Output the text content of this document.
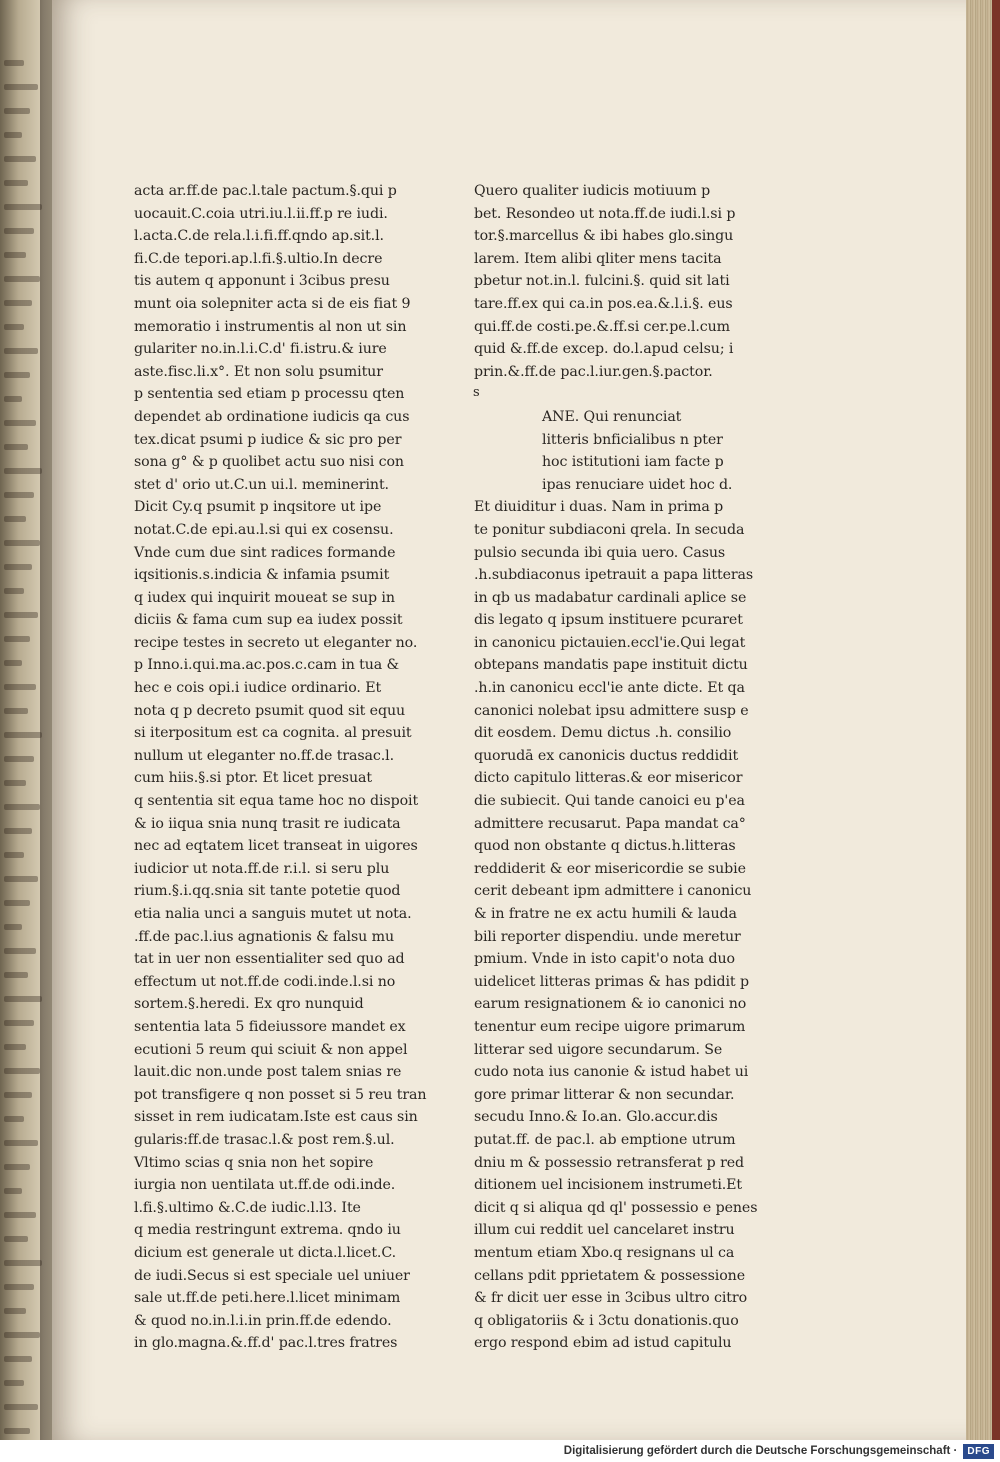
acta ar.ff.de pac.l.tale pactum.§.qui p
uocauit.C.coia utri.iu.l.ii.ff.p re iudi.
l.acta.C.de rela.l.i.fi.ff.qndo ap.sit.l.
fi.C.de tepori.ap.l.fi.§.ultio.In decre
tis autem q apponunt i 3cibus presu
munt oia solepniter acta si de eis fiat 9
memoratio i instrumentis al non ut sin
gulariter no.in.l.i.C.d' fi.istru.& iure
aste.fisc.li.x°. Et non solu psumitur
p sententia sed etiam p processu qten
dependet ab ordinatione iudicis qa cus
tex.dicat psumi p iudice & sic pro per
sona g° & p quolibet actu suo nisi con
stet d' orio ut.C.un ui.l. meminerint.
Dicit Cy.q psumit p inqsitore ut ipe
notat.C.de epi.au.l.si qui ex cosensu.
Vnde cum due sint radices formande
iqsitionis.s.indicia & infamia psumit
q iudex qui inquirit moueat se sup in
diciis & fama cum sup ea iudex possit
recipe testes in secreto ut eleganter no.
p Inno.i.qui.ma.ac.pos.c.cam in tua &
hec e cois opi.i iudice ordinario. Et
nota q p decreto psumit quod sit equu
si iterpositum est ca cognita. al presuit
nullum ut eleganter no.ff.de trasac.l.
cum hiis.§.si ptor. Et licet presuat
q sententia sit equa tame hoc no dispoit
& io iiqua snia nunq trasit re iudicata
nec ad eqtatem licet transeat in uigores
iudicior ut nota.ff.de r.i.l. si seru plu
rium.§.i.qq.snia sit tante potetie quod
etia nalia unci a sanguis mutet ut nota.
.ff.de pac.l.ius agnationis & falsu mu
tat in uer non essentialiter sed quo ad
effectum ut not.ff.de codi.inde.l.si no
sortem.§.heredi. Ex qro nunquid
sententia lata 5 fideiussore mandet ex
ecutioni 5 reum qui sciuit & non appel
lauit.dic non.unde post talem snias re
pot transfigere q non posset si 5 reu tran
sisset in rem iudicatam.Iste est caus sin
gularis:ff.de trasac.l.& post rem.§.ul.
Vltimo scias q snia non het sopire
iurgia non uentilata ut.ff.de odi.inde.
l.fi.§.ultimo &.C.de iudic.l.l3. Ite
q media restringunt extrema. qndo iu
dicium est generale ut dicta.l.licet.C.
de iudi.Secus si est speciale uel uniuer
sale ut.ff.de peti.here.l.licet minimam
& quod no.in.l.i.in prin.ff.de edendo.
in glo.magna.&.ff.d' pac.l.tres fratres
Quero qualiter iudicis motiuum p
bet. Resondeo ut nota.ff.de iudi.l.si p
tor.§.marcellus & ibi habes glo.singu
larem. Item alibi qliter mens tacita
pbetur not.in.l. fulcini.§. quid sit lati
tare.ff.ex qui ca.in pos.ea.&.l.i.§. eus
qui.ff.de costi.pe.&.ff.si cer.pe.l.cum
quid &.ff.de excep. do.l.apud celsu; i
prin.&.ff.de pac.l.iur.gen.§.pactor.
ANE. Qui renunciat
litteris bnficialibus n pter
hoc istitutioni iam facte p
ipas renuciare uidet hoc d.
Et diuiditur i duas. Nam in prima p
te ponitur subdiaconi qrela. In secuda
pulsio secunda ibi quia uero. Casus
.h.subdiaconus ipetrauit a papa litteras
in qb us madabatur cardinali aplice se
dis legato q ipsum instituere pcuraret
in canonicu pictauien.eccl'ie.Qui legat
obtepans mandatis pape instituit dictu
.h.in canonicu eccl'ie ante dicte. Et qa
canonici nolebat ipsu admittere susp e
dit eosdem. Demu dictus .h. consilio
quorudā ex canonicis ductus reddidit
dicto capitulo litteras.& eor misericor
die subiecit. Qui tande canoici eu p'ea
admittere recusarut. Papa mandat ca°
quod non obstante q dictus.h.litteras
reddiderit & eor misericordie se subie
cerit debeant ipm admittere i canonicu
& in fratre ne ex actu humili & lauda
bili reporter dispendiu. unde meretur
pmium. Vnde in isto capit'o nota duo
uidelicet litteras primas & has pdidit p
earum resignationem & io canonici no
tenentur eum recipe uigore primarum
litterar sed uigore secundarum. Se
cudo nota ius canonie & istud habet ui
gore primar litterar & non secundar.
secudu Inno.& Io.an. Glo.accur.dis
putat.ff. de pac.l. ab emptione utrum
dniu m & possessio retransferat p red
ditionem uel incisionem instrumeti.Et
dicit q si aliqua qd ql' possessio e penes
illum cui reddit uel cancelaret instru
mentum etiam Xbo.q resignans ul ca
cellans pdit pprietatem & possessione
& fr dicit uer esse in 3cibus ultro citro
q obligatoriis & i 3ctu donationis.quo
ergo respond ebim ad istud capitulu
s
Digitalisierung gefördert durch die Deutsche Forschungsgemeinschaft ·	DFG
